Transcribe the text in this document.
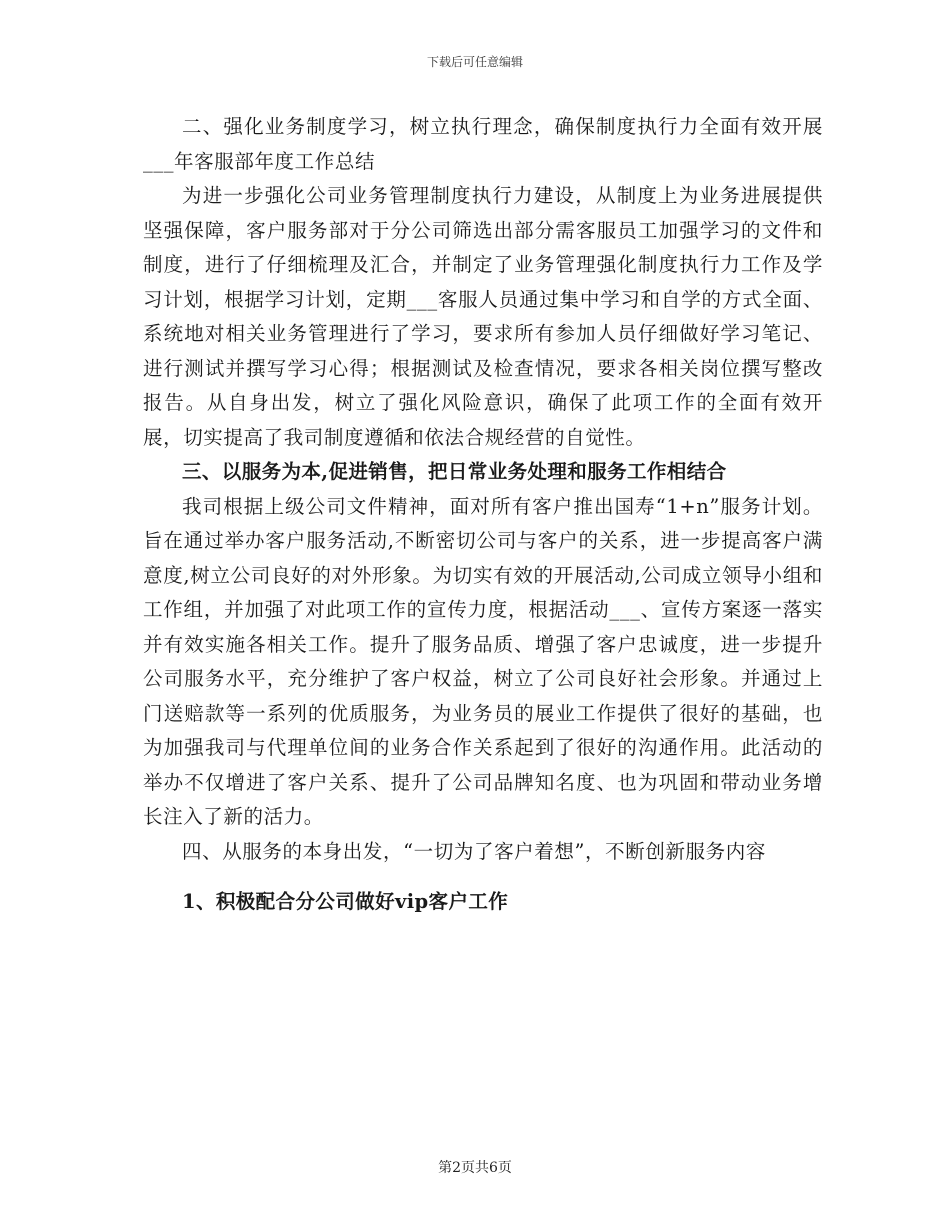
下载后可任意编辑

二、强化业务制度学习，树立执行理念，确保制度执行力全面有效开展___年客服部年度工作总结

为进一步强化公司业务管理制度执行力建设，从制度上为业务进展提供坚强保障，客户服务部对于分公司筛选出部分需客服员工加强学习的文件和制度，进行了仔细梳理及汇合，并制定了业务管理强化制度执行力工作及学习计划，根据学习计划，定期___客服人员通过集中学习和自学的方式全面、系统地对相关业务管理进行了学习，要求所有参加人员仔细做好学习笔记、进行测试并撰写学习心得；根据测试及检查情况，要求各相关岗位撰写整改报告。从自身出发，树立了强化风险意识，确保了此项工作的全面有效开展，切实提高了我司制度遵循和依法合规经营的自觉性。

三、以服务为本,促进销售，把日常业务处理和服务工作相结合

我司根据上级公司文件精神，面对所有客户推出国寿“1+n”服务计划。旨在通过举办客户服务活动,不断密切公司与客户的关系，进一步提高客户满意度,树立公司良好的对外形象。为切实有效的开展活动,公司成立领导小组和工作组，并加强了对此项工作的宣传力度，根据活动___、宣传方案逐一落实并有效实施各相关工作。提升了服务品质、增强了客户忠诚度，进一步提升公司服务水平，充分维护了客户权益，树立了公司良好社会形象。并通过上门送赔款等一系列的优质服务，为业务员的展业工作提供了很好的基础，也为加强我司与代理单位间的业务合作关系起到了很好的沟通作用。此活动的举办不仅增进了客户关系、提升了公司品牌知名度、也为巩固和带动业务增长注入了新的活力。

四、从服务的本身出发，“一切为了客户着想”，不断创新服务内容

1、积极配合分公司做好vip客户工作

第2页共6页
